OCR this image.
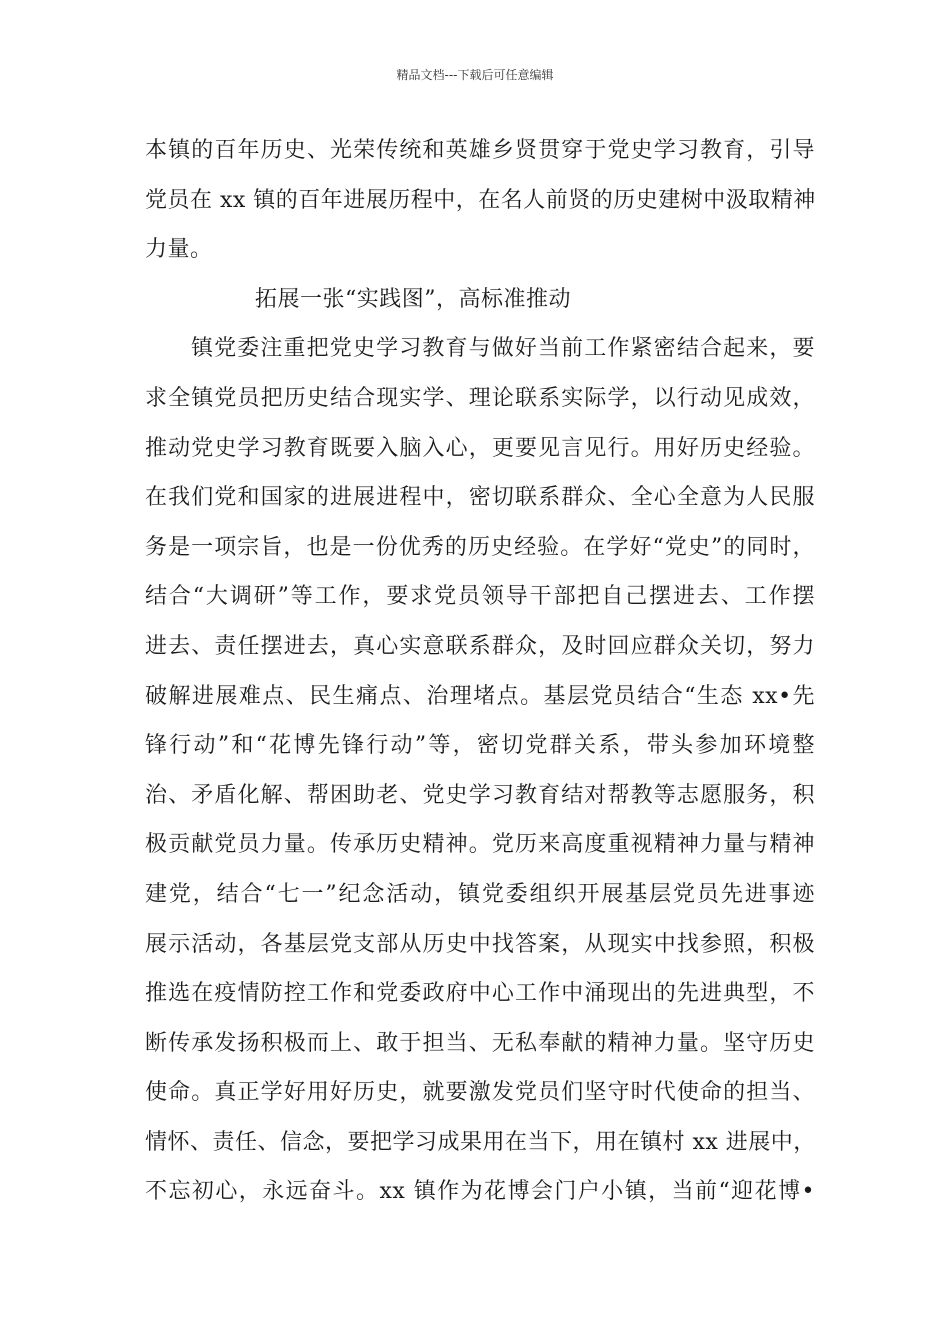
精品文档---下载后可任意编辑
本镇的百年历史、光荣传统和英雄乡贤贯穿于党史学习教育，引导
党员在 xx 镇的百年进展历程中，在名人前贤的历史建树中汲取精神
力量。
拓展一张“实践图”，高标准推动
镇党委注重把党史学习教育与做好当前工作紧密结合起来，要
求全镇党员把历史结合现实学、理论联系实际学，以行动见成效，
推动党史学习教育既要入脑入心，更要见言见行。用好历史经验。
在我们党和国家的进展进程中，密切联系群众、全心全意为人民服
务是一项宗旨，也是一份优秀的历史经验。在学好“党史”的同时，
结合“大调研”等工作，要求党员领导干部把自己摆进去、工作摆
进去、责任摆进去，真心实意联系群众，及时回应群众关切，努力
破解进展难点、民生痛点、治理堵点。基层党员结合“生态 xx•先
锋行动”和“花博先锋行动”等，密切党群关系，带头参加环境整
治、矛盾化解、帮困助老、党史学习教育结对帮教等志愿服务，积
极贡献党员力量。传承历史精神。党历来高度重视精神力量与精神
建党，结合“七一”纪念活动，镇党委组织开展基层党员先进事迹
展示活动，各基层党支部从历史中找答案，从现实中找参照，积极
推选在疫情防控工作和党委政府中心工作中涌现出的先进典型，不
断传承发扬积极而上、敢于担当、无私奉献的精神力量。坚守历史
使命。真正学好用好历史，就要激发党员们坚守时代使命的担当、
情怀、责任、信念，要把学习成果用在当下，用在镇村 xx 进展中，
不忘初心，永远奋斗。xx 镇作为花博会门户小镇，当前“迎花博•
